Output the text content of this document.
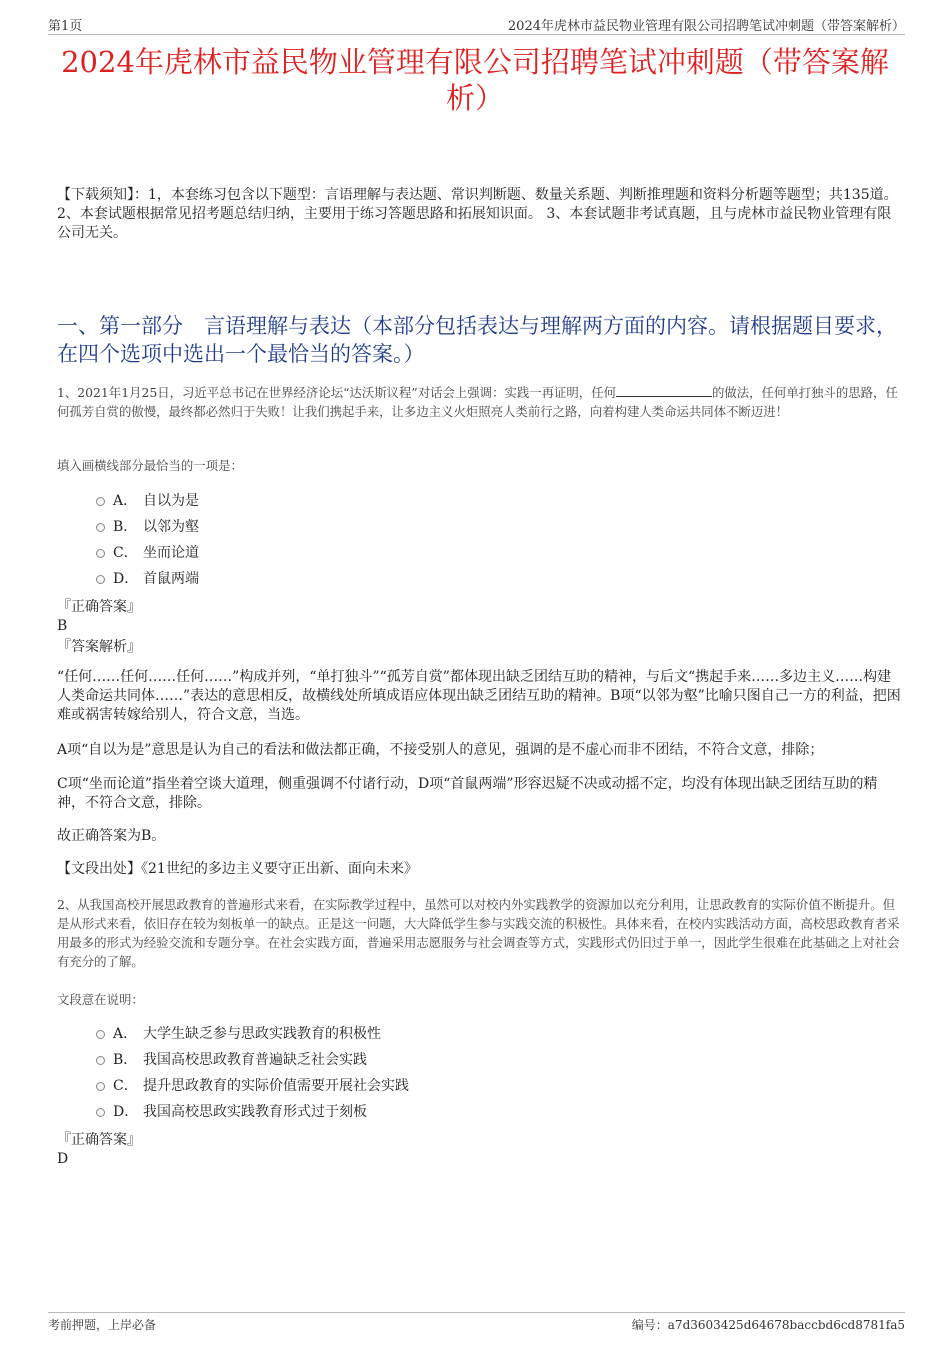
第1页	2024年虎林市益民物业管理有限公司招聘笔试冲刺题（带答案解析）
2024年虎林市益民物业管理有限公司招聘笔试冲刺题（带答案解析）
【下载须知】：1，本套练习包含以下题型：言语理解与表达题、常识判断题、数量关系题、判断推理题和资料分析题等题型；共135道。 2、本套试题根据常见招考题总结归纳，主要用于练习答题思路和拓展知识面。 3、本套试题非考试真题，且与虎林市益民物业管理有限公司无关。
一、第一部分　言语理解与表达（本部分包括表达与理解两方面的内容。请根据题目要求，在四个选项中选出一个最恰当的答案。）
1、2021年1月25日，习近平总书记在世界经济论坛“达沃斯议程”对话会上强调：实践一再证明，任何	的做法，任何单打独斗的思路，任何孤芳自赏的傲慢，最终都必然归于失败！让我们携起手来，让多边主义火炬照亮人类前行之路，向着构建人类命运共同体不断迈进！
填入画横线部分最恰当的一项是：
A． 自以为是
B． 以邻为壑
C． 坐而论道
D． 首鼠两端
『正确答案』
B
『答案解析』
“任何……任何……任何……”构成并列，“单打独斗”“孤芳自赏”都体现出缺乏团结互助的精神，与后文“携起手来……多边主义……构建人类命运共同体……”表达的意思相反，故横线处所填成语应体现出缺乏团结互助的精神。B项“以邻为壑”比喻只图自己一方的利益，把困难或祸害转嫁给别人，符合文意，当选。
A项“自以为是”意思是认为自己的看法和做法都正确，不接受别人的意见，强调的是不虚心而非不团结，不符合文意，排除；
C项“坐而论道”指坐着空谈大道理，侧重强调不付诸行动，D项“首鼠两端”形容迟疑不决或动摇不定，均没有体现出缺乏团结互助的精神，不符合文意，排除。
故正确答案为B。
【文段出处】《21世纪的多边主义要守正出新、面向未来》
2、从我国高校开展思政教育的普遍形式来看，在实际教学过程中，虽然可以对校内外实践教学的资源加以充分利用，让思政教育的实际价值不断提升。但是从形式来看，依旧存在较为刻板单一的缺点。正是这一问题，大大降低学生参与实践交流的积极性。具体来看，在校内实践活动方面，高校思政教育者采用最多的形式为经验交流和专题分享。在社会实践方面，普遍采用志愿服务与社会调查等方式，实践形式仍旧过于单一，因此学生很难在此基础之上对社会有充分的了解。
文段意在说明：
A． 大学生缺乏参与思政实践教育的积极性
B． 我国高校思政教育普遍缺乏社会实践
C． 提升思政教育的实际价值需要开展社会实践
D． 我国高校思政实践教育形式过于刻板
『正确答案』
D
考前押题，上岸必备	编号：a7d3603425d64678baccbd6cd8781fa5
